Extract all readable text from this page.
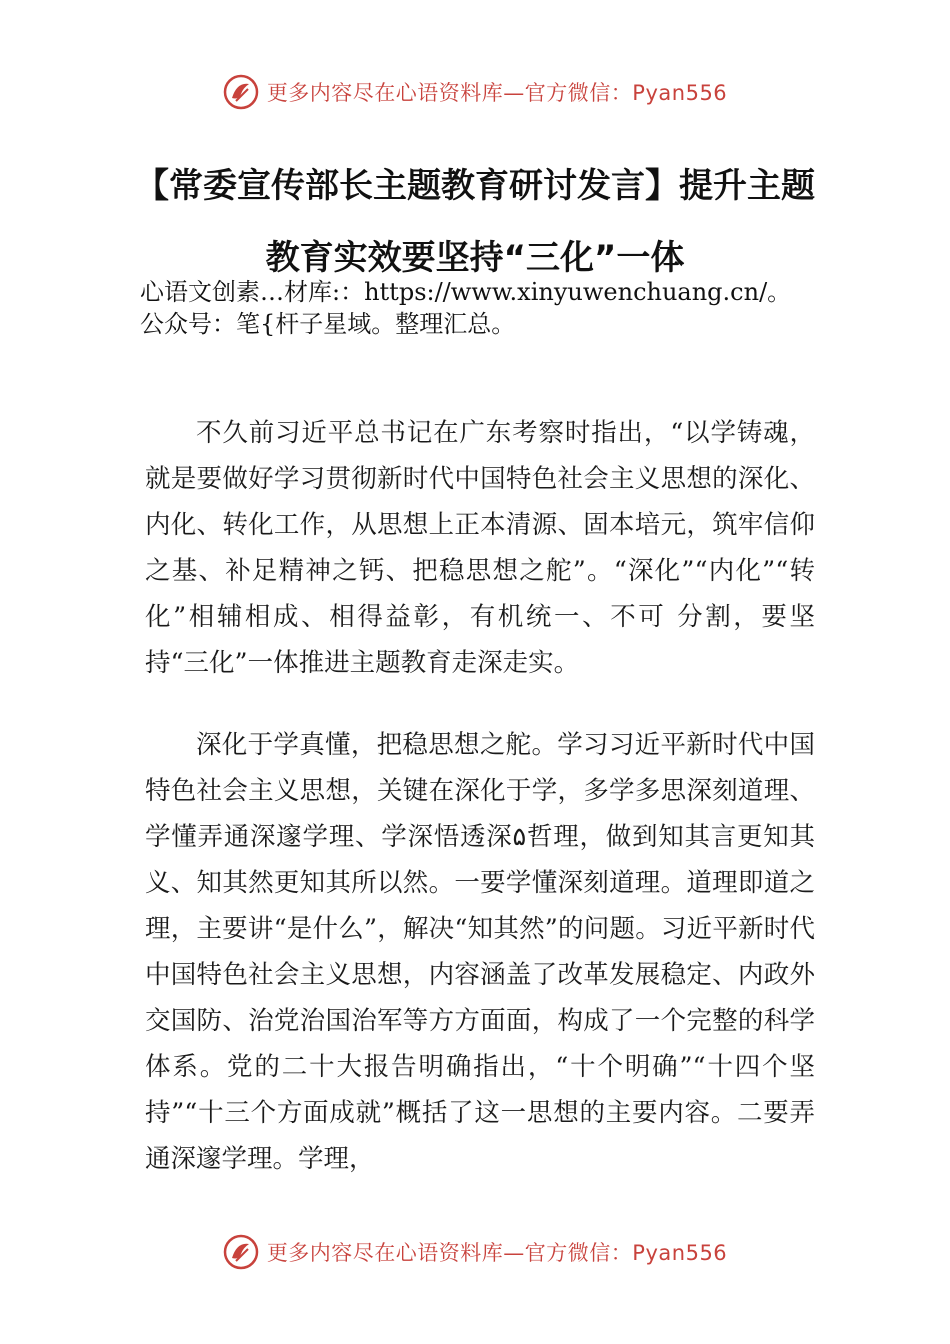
更多内容尽在心语资料库—官方微信：Pyan556
【常委宣传部长主题教育研讨发言】提升主题教育实效要坚持“三化”一体
心语文创素…材库:：https://www.xinyuwenchuang.cn/。
公众号：笔{杆子星域。整理汇总。

不久前习近平总书记在广东考察时指出，“以学铸魂，就是要做好学习贯彻新时代中国特色社会主义思想的深化、内化、转化工作，从思想上正本清源、固本培元，筑牢信仰之基、补足精神之钙、把稳思想之舵”。“深化”“内化”“转化”相辅相成、相得益彰，有机统一、不可 分割，要坚持“三化”一体推进主题教育走深走实。

深化于学真懂，把稳思想之舵。学习习近平新时代中国特色社会主义思想，关键在深化于学，多学多思深刻道理、学懂弄通深邃学理、学深悟透深۵哲理，做到知其言更知其义、知其然更知其所以然。一要学懂深刻道理。道理即道之理，主要讲“是什么”，解决“知其然”的问题。习近平新时代中国特色社会主义思想，内容涵盖了改革发展稳定、内政外交国防、治党治国治军等方方面面，构成了一个完整的科学体系。党的二十大报告明确指出，“十个明确”“十四个坚持”“十三个方面成就”概括了这一思想的主要内容。二要弄通深邃学理。学理，

更多内容尽在心语资料库—官方微信：Pyan556
